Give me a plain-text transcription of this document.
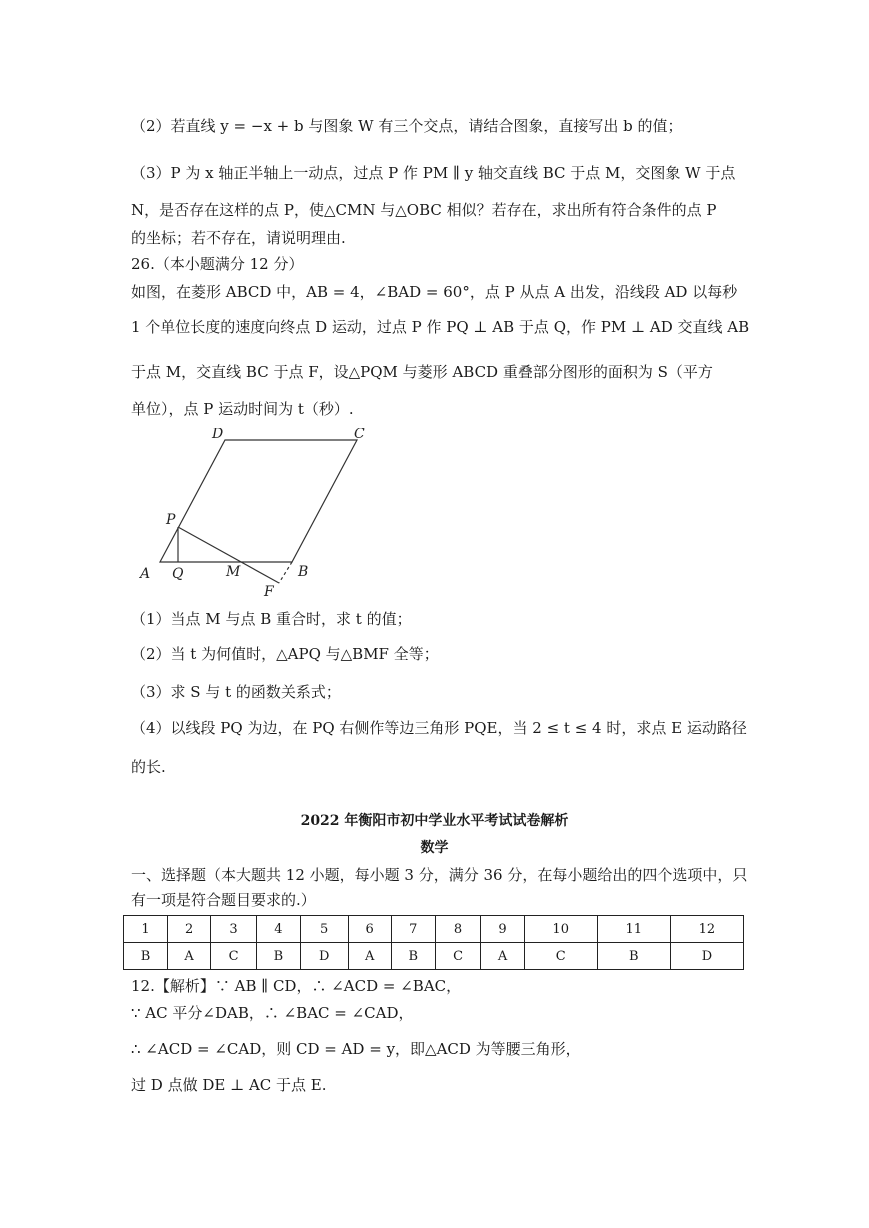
（2）若直线 y = −x + b 与图象 W 有三个交点，请结合图象，直接写出 b 的值；
（3）P 为 x 轴正半轴上一动点，过点 P 作 PM ∥ y 轴交直线 BC 于点 M，交图象 W 于点
N，是否存在这样的点 P，使△CMN 与△OBC 相似？若存在，求出所有符合条件的点 P
的坐标；若不存在，请说明理由.
26.（本小题满分 12 分）
如图，在菱形 ABCD 中，AB = 4，∠BAD = 60°，点 P 从点 A 出发，沿线段 AD 以每秒
1 个单位长度的速度向终点 D 运动，过点 P 作 PQ ⊥ AB 于点 Q，作 PM ⊥ AD 交直线 AB
于点 M，交直线 BC 于点 F，设△PQM 与菱形 ABCD 重叠部分图形的面积为 S（平方
单位），点 P 运动时间为 t（秒）.
D	C
P
A Q	M	B
F
（1）当点 M 与点 B 重合时，求 t 的值；
（2）当 t 为何值时，△APQ 与△BMF 全等；
（3）求 S 与 t 的函数关系式；
（4）以线段 PQ 为边，在 PQ 右侧作等边三角形 PQE，当 2 ≤ t ≤ 4 时，求点 E 运动路径
的长.
2022 年衡阳市初中学业水平考试试卷解析
数学
一、选择题（本大题共 12 小题，每小题 3 分，满分 36 分，在每小题给出的四个选项中，只
有一项是符合题目要求的.）
1	2	3	4	5	6	7	8	9	10	11	12
B	A	C	B	D	A	B	C	A	C	B	D
12.【解析】∵ AB ∥ CD，∴ ∠ACD = ∠BAC，
∵ AC 平分∠DAB，∴ ∠BAC = ∠CAD，
∴ ∠ACD = ∠CAD，则 CD = AD = y，即△ACD 为等腰三角形，
过 D 点做 DE ⊥ AC 于点 E.
